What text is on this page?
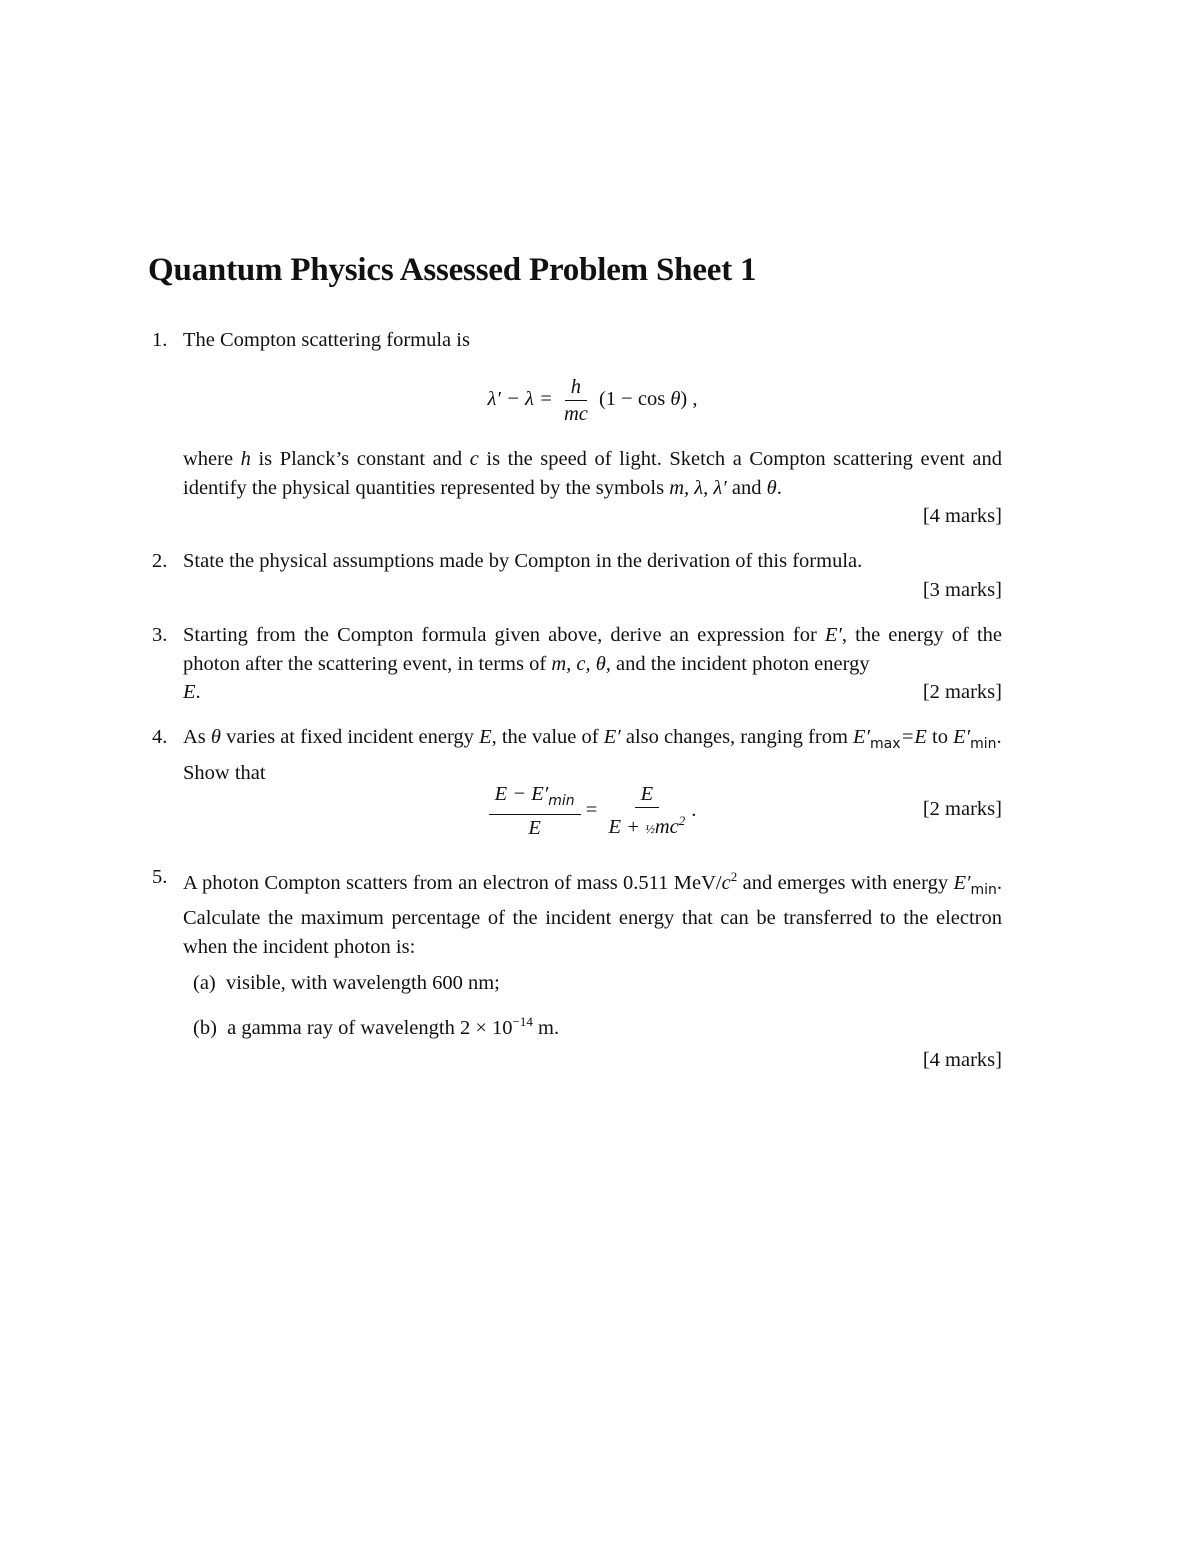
Quantum Physics Assessed Problem Sheet 1
1. The Compton scattering formula is

$\lambda' - \lambda = \frac{h}{mc} (1 - \cos \theta)$ ,

where h is Planck’s constant and c is the speed of light. Sketch a Compton scattering event and identify the physical quantities represented by the symbols m, λ, λ′ and θ.

[4 marks]

2. State the physical assumptions made by Compton in the derivation of this formula.

[3 marks]

3. Starting from the Compton formula given above, derive an expression for E′, the energy of the photon after the scattering event, in terms of m, c, θ, and the incident photon energy

E.	[2 marks]
4. As θ varies at fixed incident energy E, the value of E′ also changes, ranging from $E'_{max}=E$ to $E'_{min}$. Show that

$\frac{E - E'_{min}}{E} = \frac{E}{E + \frac{1}{2}mc^2}$ .	[2 marks]

5. A photon Compton scatters from an electron of mass 0.511 MeV/$c^2$ and emerges with energy $E'_{min}$. Calculate the maximum percentage of the incident energy that can be transferred to the electron when the incident photon is:

(a) visible, with wavelength 600 nm;

(b) a gamma ray of wavelength $2 \times 10^{-14}$ m.

[4 marks]
